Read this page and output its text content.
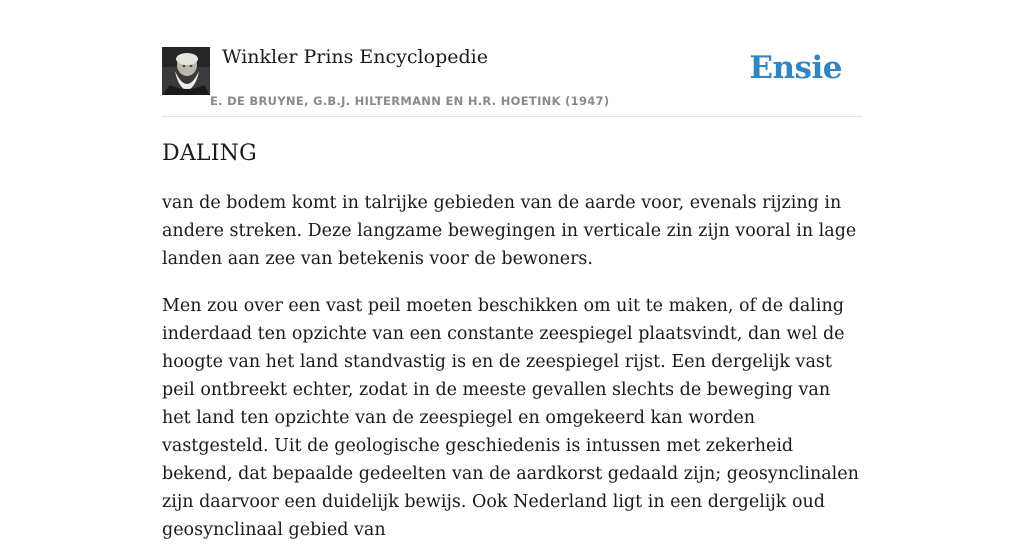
Winkler Prins Encyclopedie	Ensie
E. DE BRUYNE, G.B.J. HILTERMANN EN H.R. HOETINK (1947)
DALING

van de bodem komt in talrijke gebieden van de aarde voor, evenals rijzing in andere streken. Deze langzame bewegingen in verticale zin zijn vooral in lage landen aan zee van betekenis voor de bewoners.

Men zou over een vast peil moeten beschikken om uit te maken, of de daling inderdaad ten opzichte van een constante zeespiegel plaatsvindt, dan wel de hoogte van het land standvastig is en de zeespiegel rijst. Een dergelijk vast peil ontbreekt echter, zodat in de meeste gevallen slechts de beweging van het land ten opzichte van de zeespiegel en omgekeerd kan worden vastgesteld. Uit de geologische geschiedenis is intussen met zekerheid bekend, dat bepaalde gedeelten van de aardkorst gedaald zijn; geosynclinalen zijn daarvoor een duidelijk bewijs. Ook Nederland ligt in een dergelijk oud geosynclinaal gebied van
